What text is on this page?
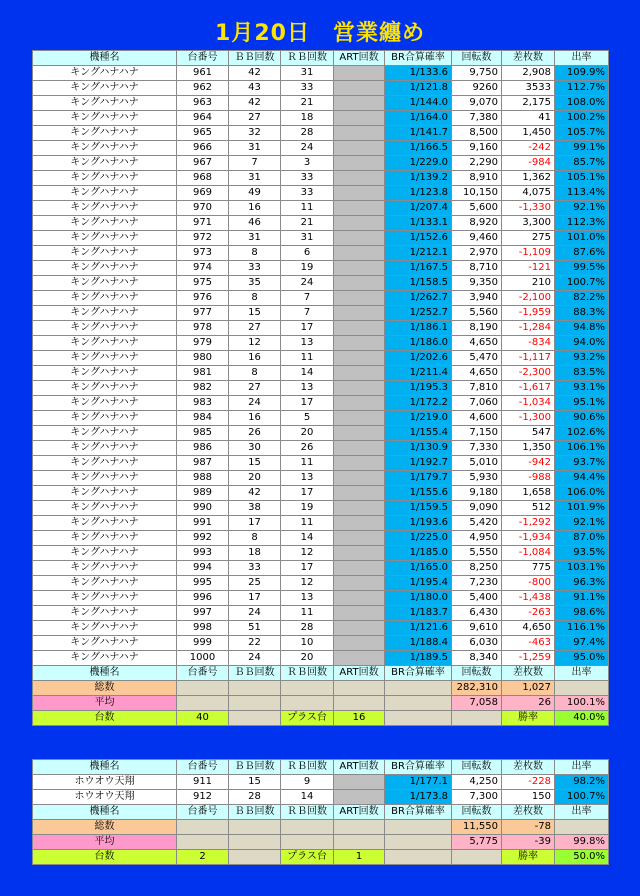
1月20日　営業纏め
機種名	台番号	ＢＢ回数	ＲＢ回数	ART回数	BR合算確率	回転数	差枚数	出率
キングハナハナ	961	42	31		1/133.6	9,750	2,908	109.9%
キングハナハナ	962	43	33		1/121.8	9260	3533	112.7%
キングハナハナ	963	42	21		1/144.0	9,070	2,175	108.0%
キングハナハナ	964	27	18		1/164.0	7,380	41	100.2%
キングハナハナ	965	32	28		1/141.7	8,500	1,450	105.7%
キングハナハナ	966	31	24		1/166.5	9,160	-242	99.1%
キングハナハナ	967	7	3		1/229.0	2,290	-984	85.7%
キングハナハナ	968	31	33		1/139.2	8,910	1,362	105.1%
キングハナハナ	969	49	33		1/123.8	10,150	4,075	113.4%
キングハナハナ	970	16	11		1/207.4	5,600	-1,330	92.1%
キングハナハナ	971	46	21		1/133.1	8,920	3,300	112.3%
キングハナハナ	972	31	31		1/152.6	9,460	275	101.0%
キングハナハナ	973	8	6		1/212.1	2,970	-1,109	87.6%
キングハナハナ	974	33	19		1/167.5	8,710	-121	99.5%
キングハナハナ	975	35	24		1/158.5	9,350	210	100.7%
キングハナハナ	976	8	7		1/262.7	3,940	-2,100	82.2%
キングハナハナ	977	15	7		1/252.7	5,560	-1,959	88.3%
キングハナハナ	978	27	17		1/186.1	8,190	-1,284	94.8%
キングハナハナ	979	12	13		1/186.0	4,650	-834	94.0%
キングハナハナ	980	16	11		1/202.6	5,470	-1,117	93.2%
キングハナハナ	981	8	14		1/211.4	4,650	-2,300	83.5%
キングハナハナ	982	27	13		1/195.3	7,810	-1,617	93.1%
キングハナハナ	983	24	17		1/172.2	7,060	-1,034	95.1%
キングハナハナ	984	16	5		1/219.0	4,600	-1,300	90.6%
キングハナハナ	985	26	20		1/155.4	7,150	547	102.6%
キングハナハナ	986	30	26		1/130.9	7,330	1,350	106.1%
キングハナハナ	987	15	11		1/192.7	5,010	-942	93.7%
キングハナハナ	988	20	13		1/179.7	5,930	-988	94.4%
キングハナハナ	989	42	17		1/155.6	9,180	1,658	106.0%
キングハナハナ	990	38	19		1/159.5	9,090	512	101.9%
キングハナハナ	991	17	11		1/193.6	5,420	-1,292	92.1%
キングハナハナ	992	8	14		1/225.0	4,950	-1,934	87.0%
キングハナハナ	993	18	12		1/185.0	5,550	-1,084	93.5%
キングハナハナ	994	33	17		1/165.0	8,250	775	103.1%
キングハナハナ	995	25	12		1/195.4	7,230	-800	96.3%
キングハナハナ	996	17	13		1/180.0	5,400	-1,438	91.1%
キングハナハナ	997	24	11		1/183.7	6,430	-263	98.6%
キングハナハナ	998	51	28		1/121.6	9,610	4,650	116.1%
キングハナハナ	999	22	10		1/188.4	6,030	-463	97.4%
キングハナハナ	1000	24	20		1/189.5	8,340	-1,259	95.0%
機種名	台番号	ＢＢ回数	ＲＢ回数	ART回数	BR合算確率	回転数	差枚数	出率
総数						282,310	1,027	
平均						7,058	26	100.1%
台数	40		プラス台	16			勝率	40.0%
機種名	台番号	ＢＢ回数	ＲＢ回数	ART回数	BR合算確率	回転数	差枚数	出率
ホウオウ天翔	911	15	9		1/177.1	4,250	-228	98.2%
ホウオウ天翔	912	28	14		1/173.8	7,300	150	100.7%
機種名	台番号	ＢＢ回数	ＲＢ回数	ART回数	BR合算確率	回転数	差枚数	出率
総数						11,550	-78	
平均						5,775	-39	99.8%
台数	2		プラス台	1			勝率	50.0%
